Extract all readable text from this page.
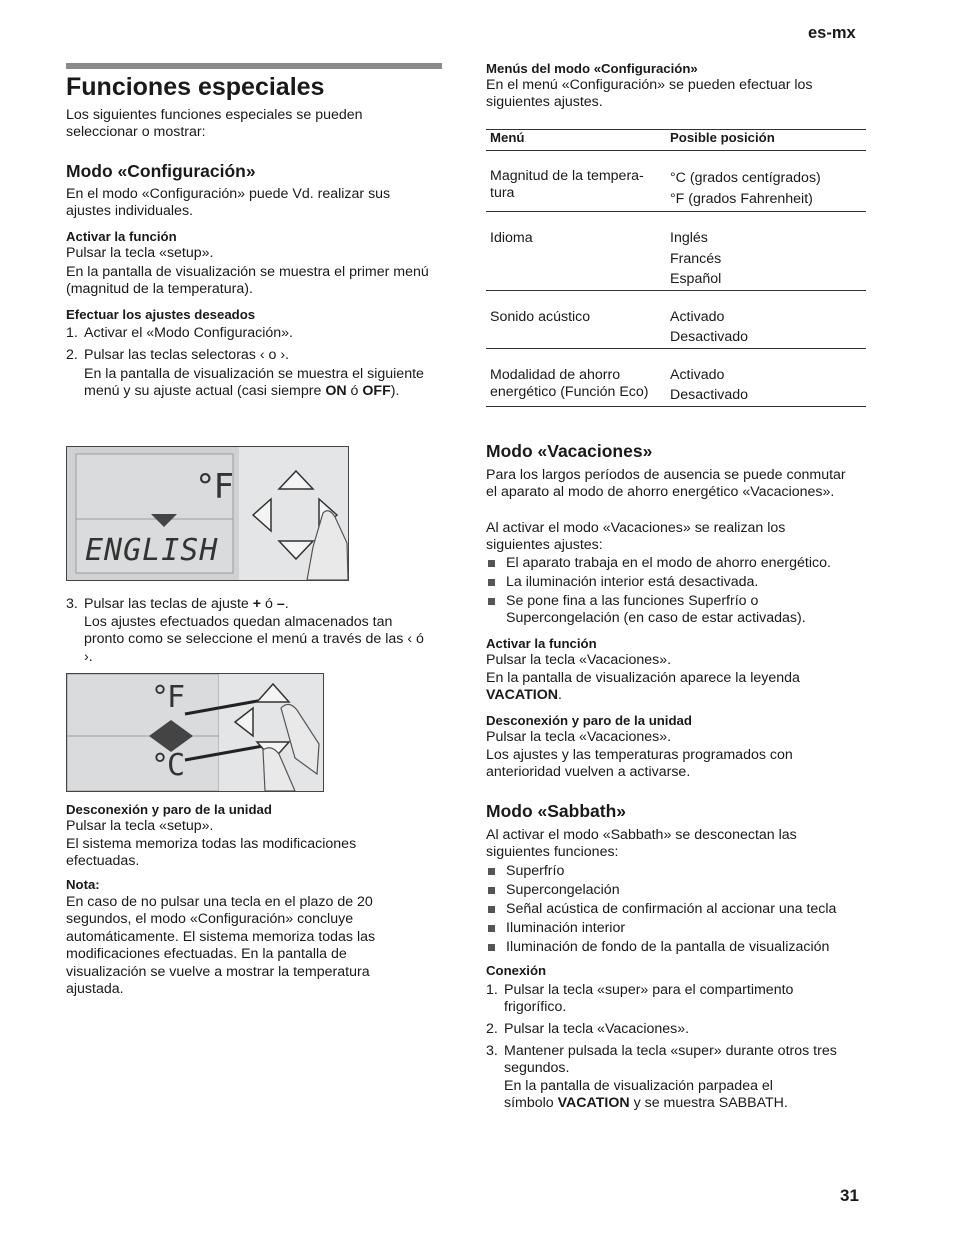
es-mx
31
Funciones especiales

Los siguientes funciones especiales se pueden seleccionar o mostrar:

Modo «Configuración»

En el modo «Configuración» puede Vd. realizar sus ajustes individuales.

Activar la función

Pulsar la tecla «setup».

En la pantalla de visualización se muestra el primer menú (magnitud de la temperatura).

Efectuar los ajustes deseados

1. Activar el «Modo Configuración».
2. Pulsar las teclas selectoras ‹ o ›.

En la pantalla de visualización se muestra el siguiente menú y su ajuste actual (casi siempre ON ó OFF).

°F
ENGLISH
3. Pulsar las teclas de ajuste + ó –.

Los ajustes efectuados quedan almacenados tan pronto como se seleccione el menú a través de las ‹ ó ›.

°F
°C

Desconexión y paro de la unidad

Pulsar la tecla «setup».

El sistema memoriza todas las modificaciones efectuadas.

Nota:

En caso de no pulsar una tecla en el plazo de 20 segundos, el modo «Configuración» concluye automáticamente. El sistema memoriza todas las modificaciones efectuadas. En la pantalla de visualización se vuelve a mostrar la temperatura ajustada.

Menús del modo «Configuración»

En el menú «Configuración» se pueden efectuar los siguientes ajustes.

Menú	Posible posición
Magnitud de la tempera-tura	°C (grados centígrados)
°F (grados Fahrenheit)

Idioma	Inglés
Francés
Español

Sonido acústico	Activado
Desactivado

Modalidad de ahorro energético (Función Eco)	Activado
Desactivado
Modo «Vacaciones»

Para los largos períodos de ausencia se puede conmutar el aparato al modo de ahorro energético «Vacaciones».

Al activar el modo «Vacaciones» se realizan los siguientes ajustes:

El aparato trabaja en el modo de ahorro energético.
La iluminación interior está desactivada.
Se pone fina a las funciones Superfrío o Supercongelación (en caso de estar activadas).

Activar la función

Pulsar la tecla «Vacaciones».

En la pantalla de visualización aparece la leyenda VACATION.

Desconexión y paro de la unidad

Pulsar la tecla «Vacaciones».

Los ajustes y las temperaturas programados con anterioridad vuelven a activarse.

Modo «Sabbath»

Al activar el modo «Sabbath» se desconectan las siguientes funciones:

Superfrío
Supercongelación
Señal acústica de confirmación al accionar una tecla
Iluminación interior
Iluminación de fondo de la pantalla de visualización

Conexión

1. Pulsar la tecla «super» para el compartimento frigorífico.
2. Pulsar la tecla «Vacaciones».
3. Mantener pulsada la tecla «super» durante otros tres segundos.

En la pantalla de visualización parpadea el símbolo VACATION y se muestra SABBATH.
